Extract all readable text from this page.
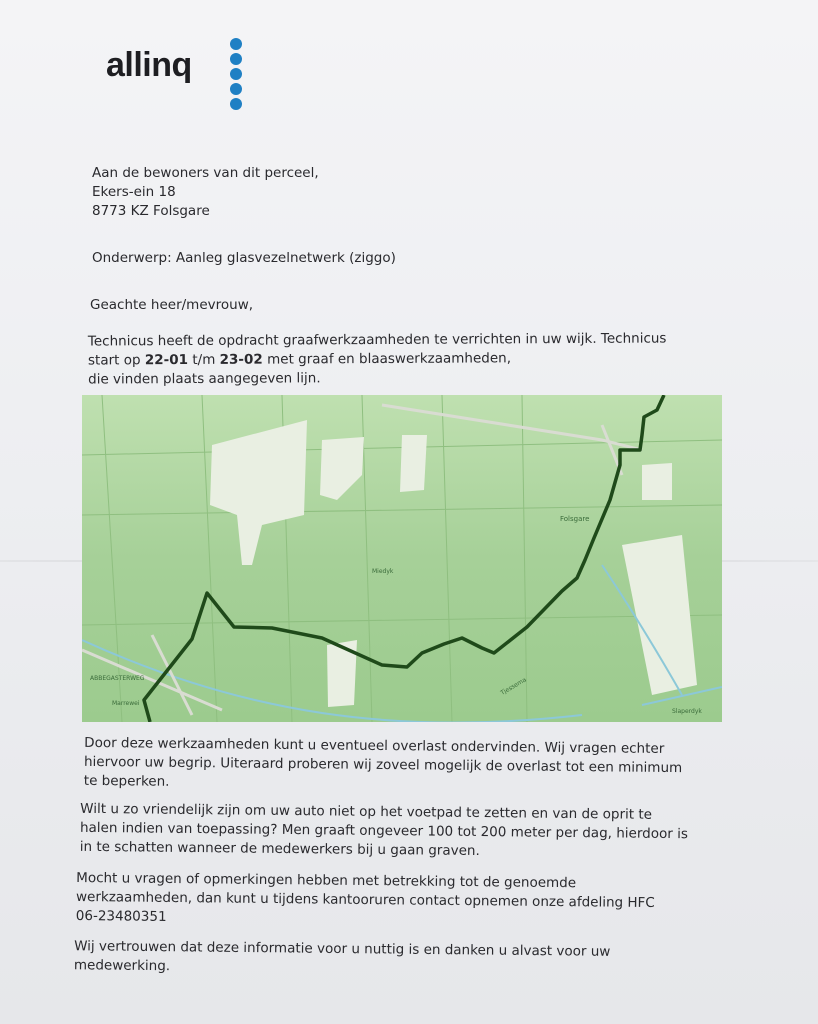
allinq
Aan de bewoners van dit perceel,
Ekers-ein 18
8773 KZ Folsgare
Onderwerp: Aanleg glasvezelnetwerk (ziggo)
Geachte heer/mevrouw,
Technicus heeft de opdracht graafwerkzaamheden te verrichten in uw wijk. Technicus
start op 22-01 t/m 23-02 met graaf en blaaswerkzaamheden,
die vinden plaats aangegeven lijn.
Folsgare
ABBEGASTERWEG
Miedyk
Tjessema
Marrewei
Slaperdyk
Door deze werkzaamheden kunt u eventueel overlast ondervinden. Wij vragen echter
hiervoor uw begrip. Uiteraard proberen wij zoveel mogelijk de overlast tot een minimum
te beperken.
Wilt u zo vriendelijk zijn om uw auto niet op het voetpad te zetten en van de oprit te
halen indien van toepassing? Men graaft ongeveer 100 tot 200 meter per dag, hierdoor is
in te schatten wanneer de medewerkers bij u gaan graven.
Mocht u vragen of opmerkingen hebben met betrekking tot de genoemde
werkzaamheden, dan kunt u tijdens kantooruren contact opnemen onze afdeling HFC
06-23480351
Wij vertrouwen dat deze informatie voor u nuttig is en danken u alvast voor uw
medewerking.
